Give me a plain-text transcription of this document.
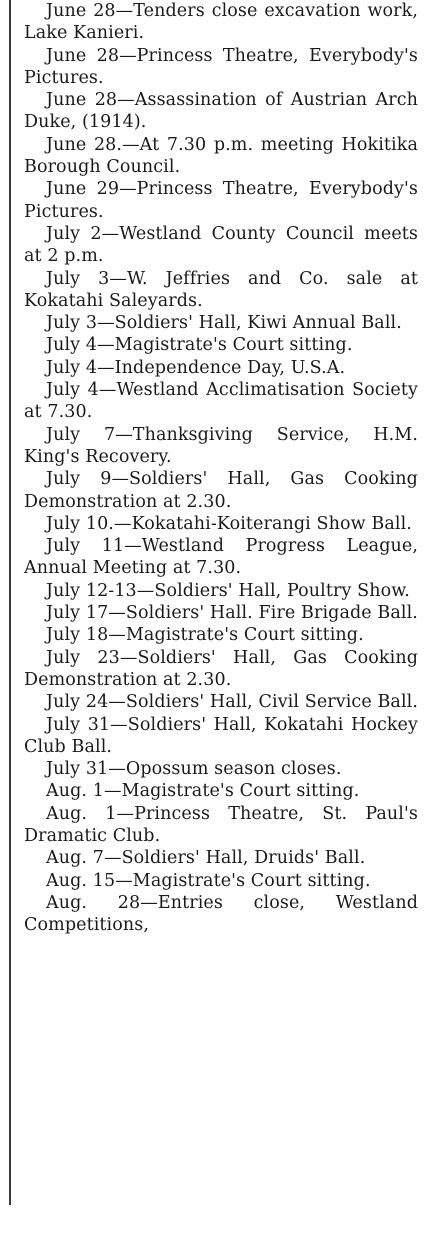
June 28—Tenders close excavation work, Lake Kanieri.

June 28—Princess Theatre, Everybody's Pictures.

June 28—Assassination of Austrian Arch Duke, (1914).

June 28.—At 7.30 p.m. meeting Hokitika Borough Council.

June 29—Princess Theatre, Everybody's Pictures.

July 2—Westland County Council meets at 2 p.m.

July 3—W. Jeffries and Co. sale at Kokatahi Saleyards.

July 3—Soldiers' Hall, Kiwi Annual Ball.

July 4—Magistrate's Court sitting.

July 4—Independence Day, U.S.A.

July 4—Westland Acclimatisation Society at 7.30.

July 7—Thanksgiving Service, H.M. King's Recovery.

July 9—Soldiers' Hall, Gas Cooking Demonstration at 2.30.

July 10.—Kokatahi-Koiterangi Show Ball.

July 11—Westland Progress League, Annual Meeting at 7.30.

July 12-13—Soldiers' Hall, Poultry Show.

July 17—Soldiers' Hall. Fire Brigade Ball.

July 18—Magistrate's Court sitting.

July 23—Soldiers' Hall, Gas Cooking Demonstration at 2.30.

July 24—Soldiers' Hall, Civil Service Ball.

July 31—Soldiers' Hall, Kokatahi Hockey Club Ball.

July 31—Opossum season closes.

Aug. 1—Magistrate's Court sitting.

Aug. 1—Princess Theatre, St. Paul's Dramatic Club.

Aug. 7—Soldiers' Hall, Druids' Ball.

Aug. 15—Magistrate's Court sitting.

Aug. 28—Entries close, Westland Competitions,
